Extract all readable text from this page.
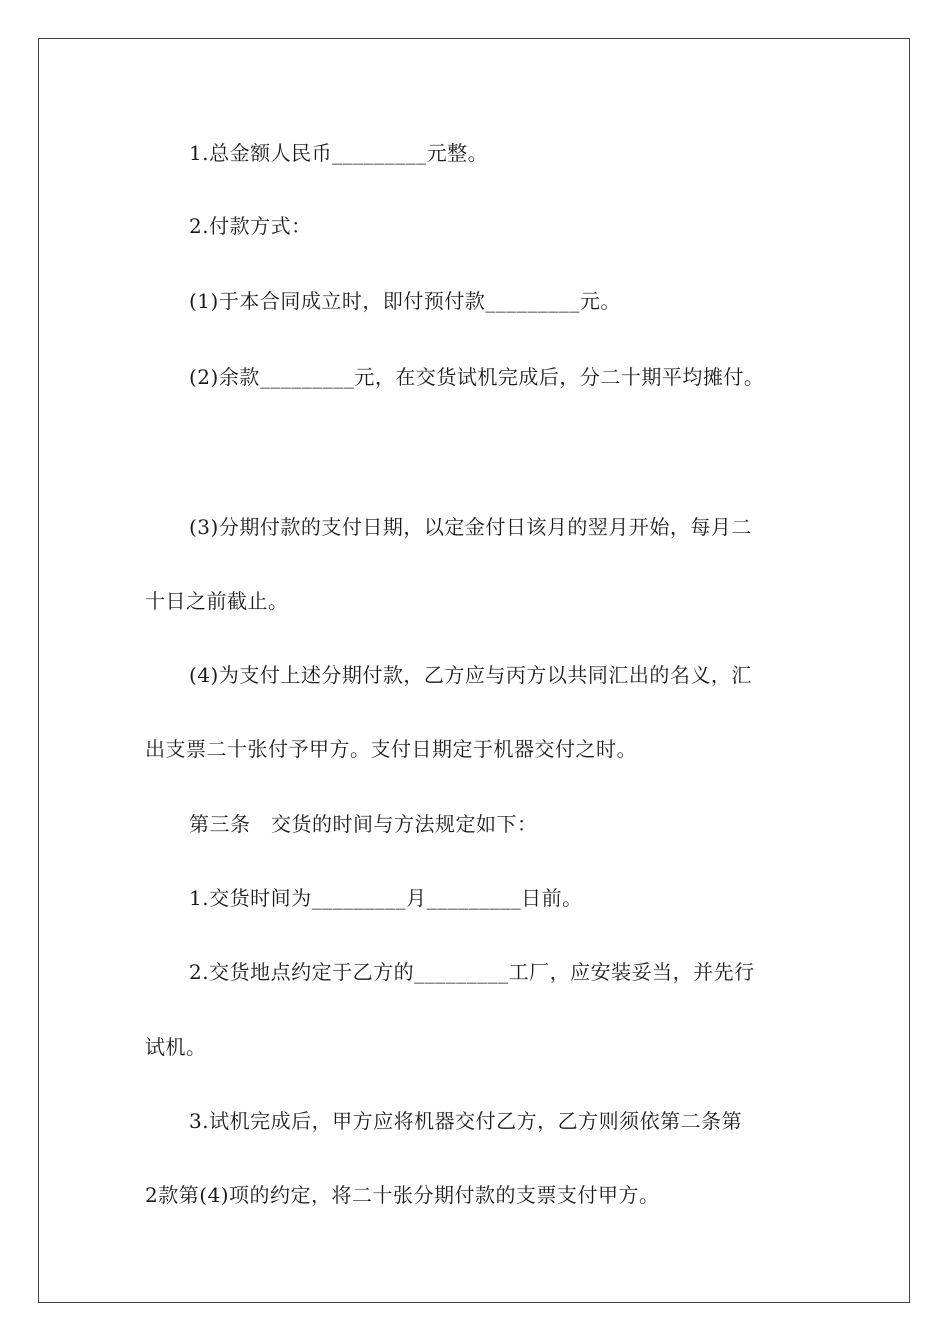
1.总金额人民币_________元整。

2.付款方式：

(1)于本合同成立时，即付预付款_________元。

(2)余款_________元，在交货试机完成后，分二十期平均摊付。

(3)分期付款的支付日期，以定金付日该月的翌月开始，每月二

十日之前截止。

(4)为支付上述分期付款，乙方应与丙方以共同汇出的名义，汇

出支票二十张付予甲方。支付日期定于机器交付之时。

第三条　交货的时间与方法规定如下：

1.交货时间为_________月_________日前。

2.交货地点约定于乙方的_________工厂，应安装妥当，并先行

试机。

3.试机完成后，甲方应将机器交付乙方，乙方则须依第二条第

2款第(4)项的约定，将二十张分期付款的支票支付甲方。
